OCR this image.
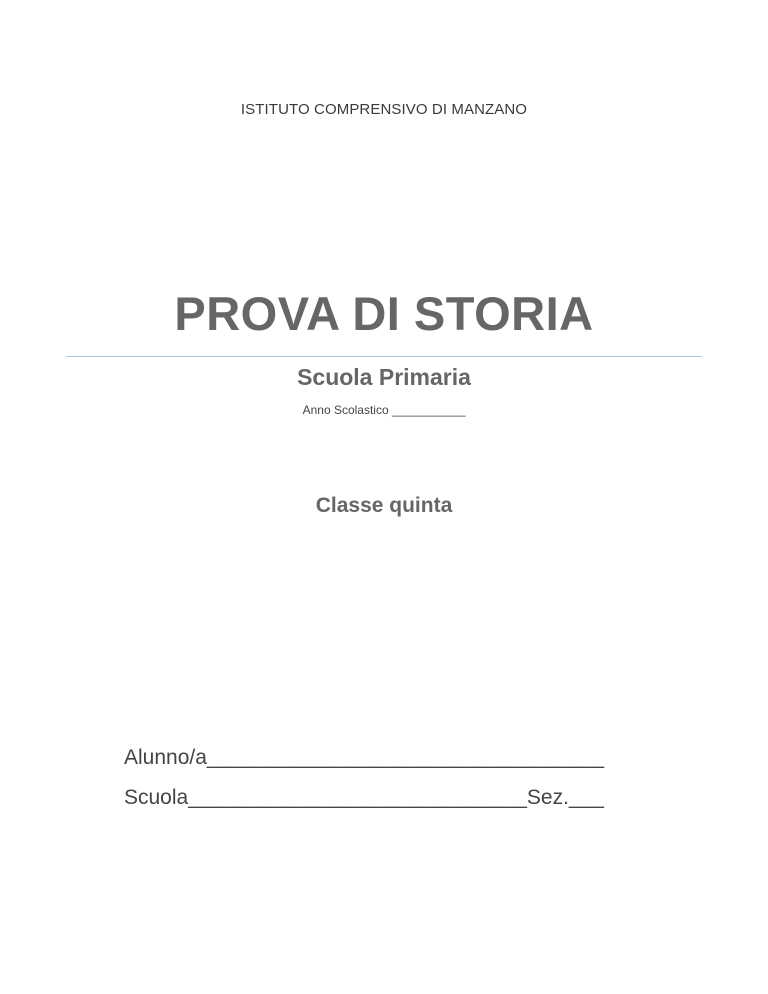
ISTITUTO COMPRENSIVO DI MANZANO
PROVA DI STORIA
Scuola Primaria
Anno Scolastico ___________
Classe quinta
Alunno/a__________________________________
Scuola_____________________________Sez.___
